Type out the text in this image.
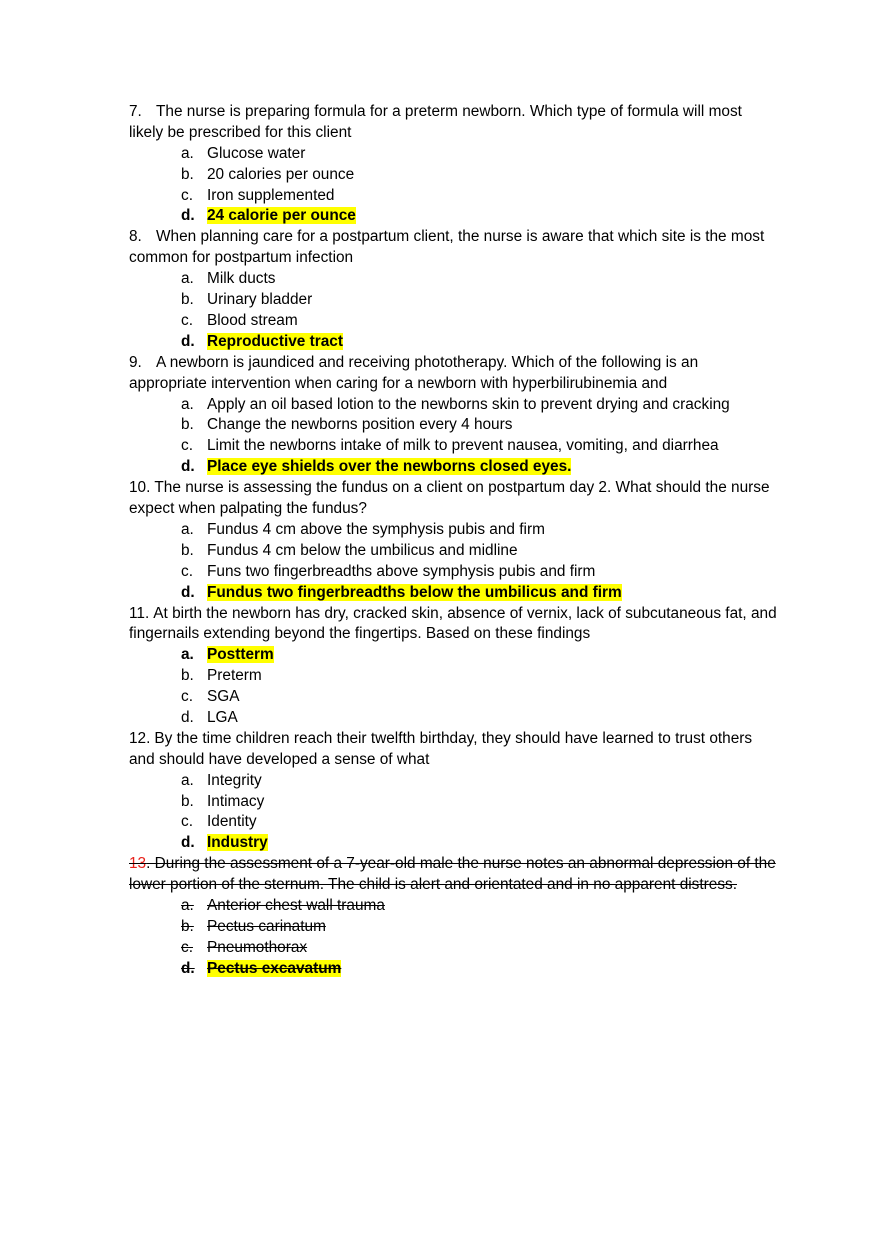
7. The nurse is preparing formula for a preterm newborn. Which type of formula will most likely be prescribed for this client

a. Glucose water
b. 20 calories per ounce
c. Iron supplemented
d. 24 calorie per ounce

8. When planning care for a postpartum client, the nurse is aware that which site is the most common for postpartum infection

a. Milk ducts
b. Urinary bladder
c. Blood stream
d. Reproductive tract

9. A newborn is jaundiced and receiving phototherapy. Which of the following is an appropriate intervention when caring for a newborn with hyperbilirubinemia and

a. Apply an oil based lotion to the newborns skin to prevent drying and cracking
b. Change the newborns position every 4 hours
c. Limit the newborns intake of milk to prevent nausea, vomiting, and diarrhea
d. Place eye shields over the newborns closed eyes.

10. The nurse is assessing the fundus on a client on postpartum day 2. What should the nurse expect when palpating the fundus?

a. Fundus 4 cm above the symphysis pubis and firm
b. Fundus 4 cm below the umbilicus and midline
c. Funs two fingerbreadths above symphysis pubis and firm
d. Fundus two fingerbreadths below the umbilicus and firm

11. At birth the newborn has dry, cracked skin, absence of vernix, lack of subcutaneous fat, and fingernails extending beyond the fingertips. Based on these findings

a. Postterm
b. Preterm
c. SGA
d. LGA

12. By the time children reach their twelfth birthday, they should have learned to trust others and should have developed a sense of what

a. Integrity
b. Intimacy
c. Identity
d. Industry

13. During the assessment of a 7-year-old male the nurse notes an abnormal depression of the lower portion of the sternum. The child is alert and orientated and in no apparent distress.

a. Anterior chest wall trauma
b. Pectus carinatum
c. Pneumothorax
d. Pectus excavatum
